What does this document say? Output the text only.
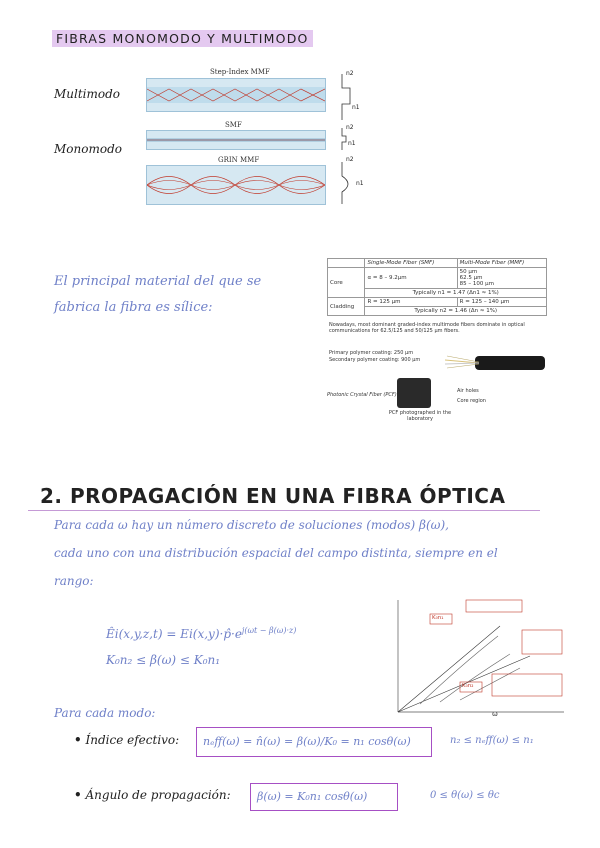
FIBRAS MONOMODO Y MULTIMODO
Multimodo
Monomodo
Step-Index MMF
SMF
GRIN MMF
n2
n1
n2
n1
n2
n1
El principal material del que se
fabrica la fibra es sílice:
	Single-Mode Fiber (SMF)	Multi-Mode Fiber (MMF)
Core	α = 8 – 9.2μm	50 μm
62.5 μm
85 – 100 μm

	Typically n1 = 1.47 (Δn1 ≈ 1%)	
Cladding	R = 125 μm	R = 125 – 140 μm
	Typically n2 = 1.46 (Δn ≈ 1%)	
Nowadays, most dominant graded-index multimode fibers dominate in optical communications for 62.5/125 and 50/125 μm fibers.
Primary polymer coating: 250 μm
Secondary polymer coating: 900 μm
Photonic Crystal Fiber (PCF)
PCF photographed in the laboratory
Air holes
Core region
2. PROPAGACIÓN EN UNA FIBRA ÓPTICA
Para cada ω hay un número discreto de soluciones (modos) β(ω),
cada uno con una distribución espacial del campo distinta, siempre en el
rango:
Êi(x,y,z,t) = $Ei(x,y)\cdot p̂\cdot e^{j(\omega t - \beta(\omega)\cdot z)}$
K₀n₂ ≤ β(ω) ≤ K₀n₁
K₀n₁
K₀n₂
ω
Para cada modo:
• Índice efectivo:	nₑff(ω) = n̂(ω) = β(ω)/K₀ = n₁ cosθ(ω)	n₂ ≤ nₑff(ω) ≤ n₁
• Ángulo de propagación:	β(ω) = K₀n₁ cosθ(ω)	0 ≤ θ(ω) ≤ θc
